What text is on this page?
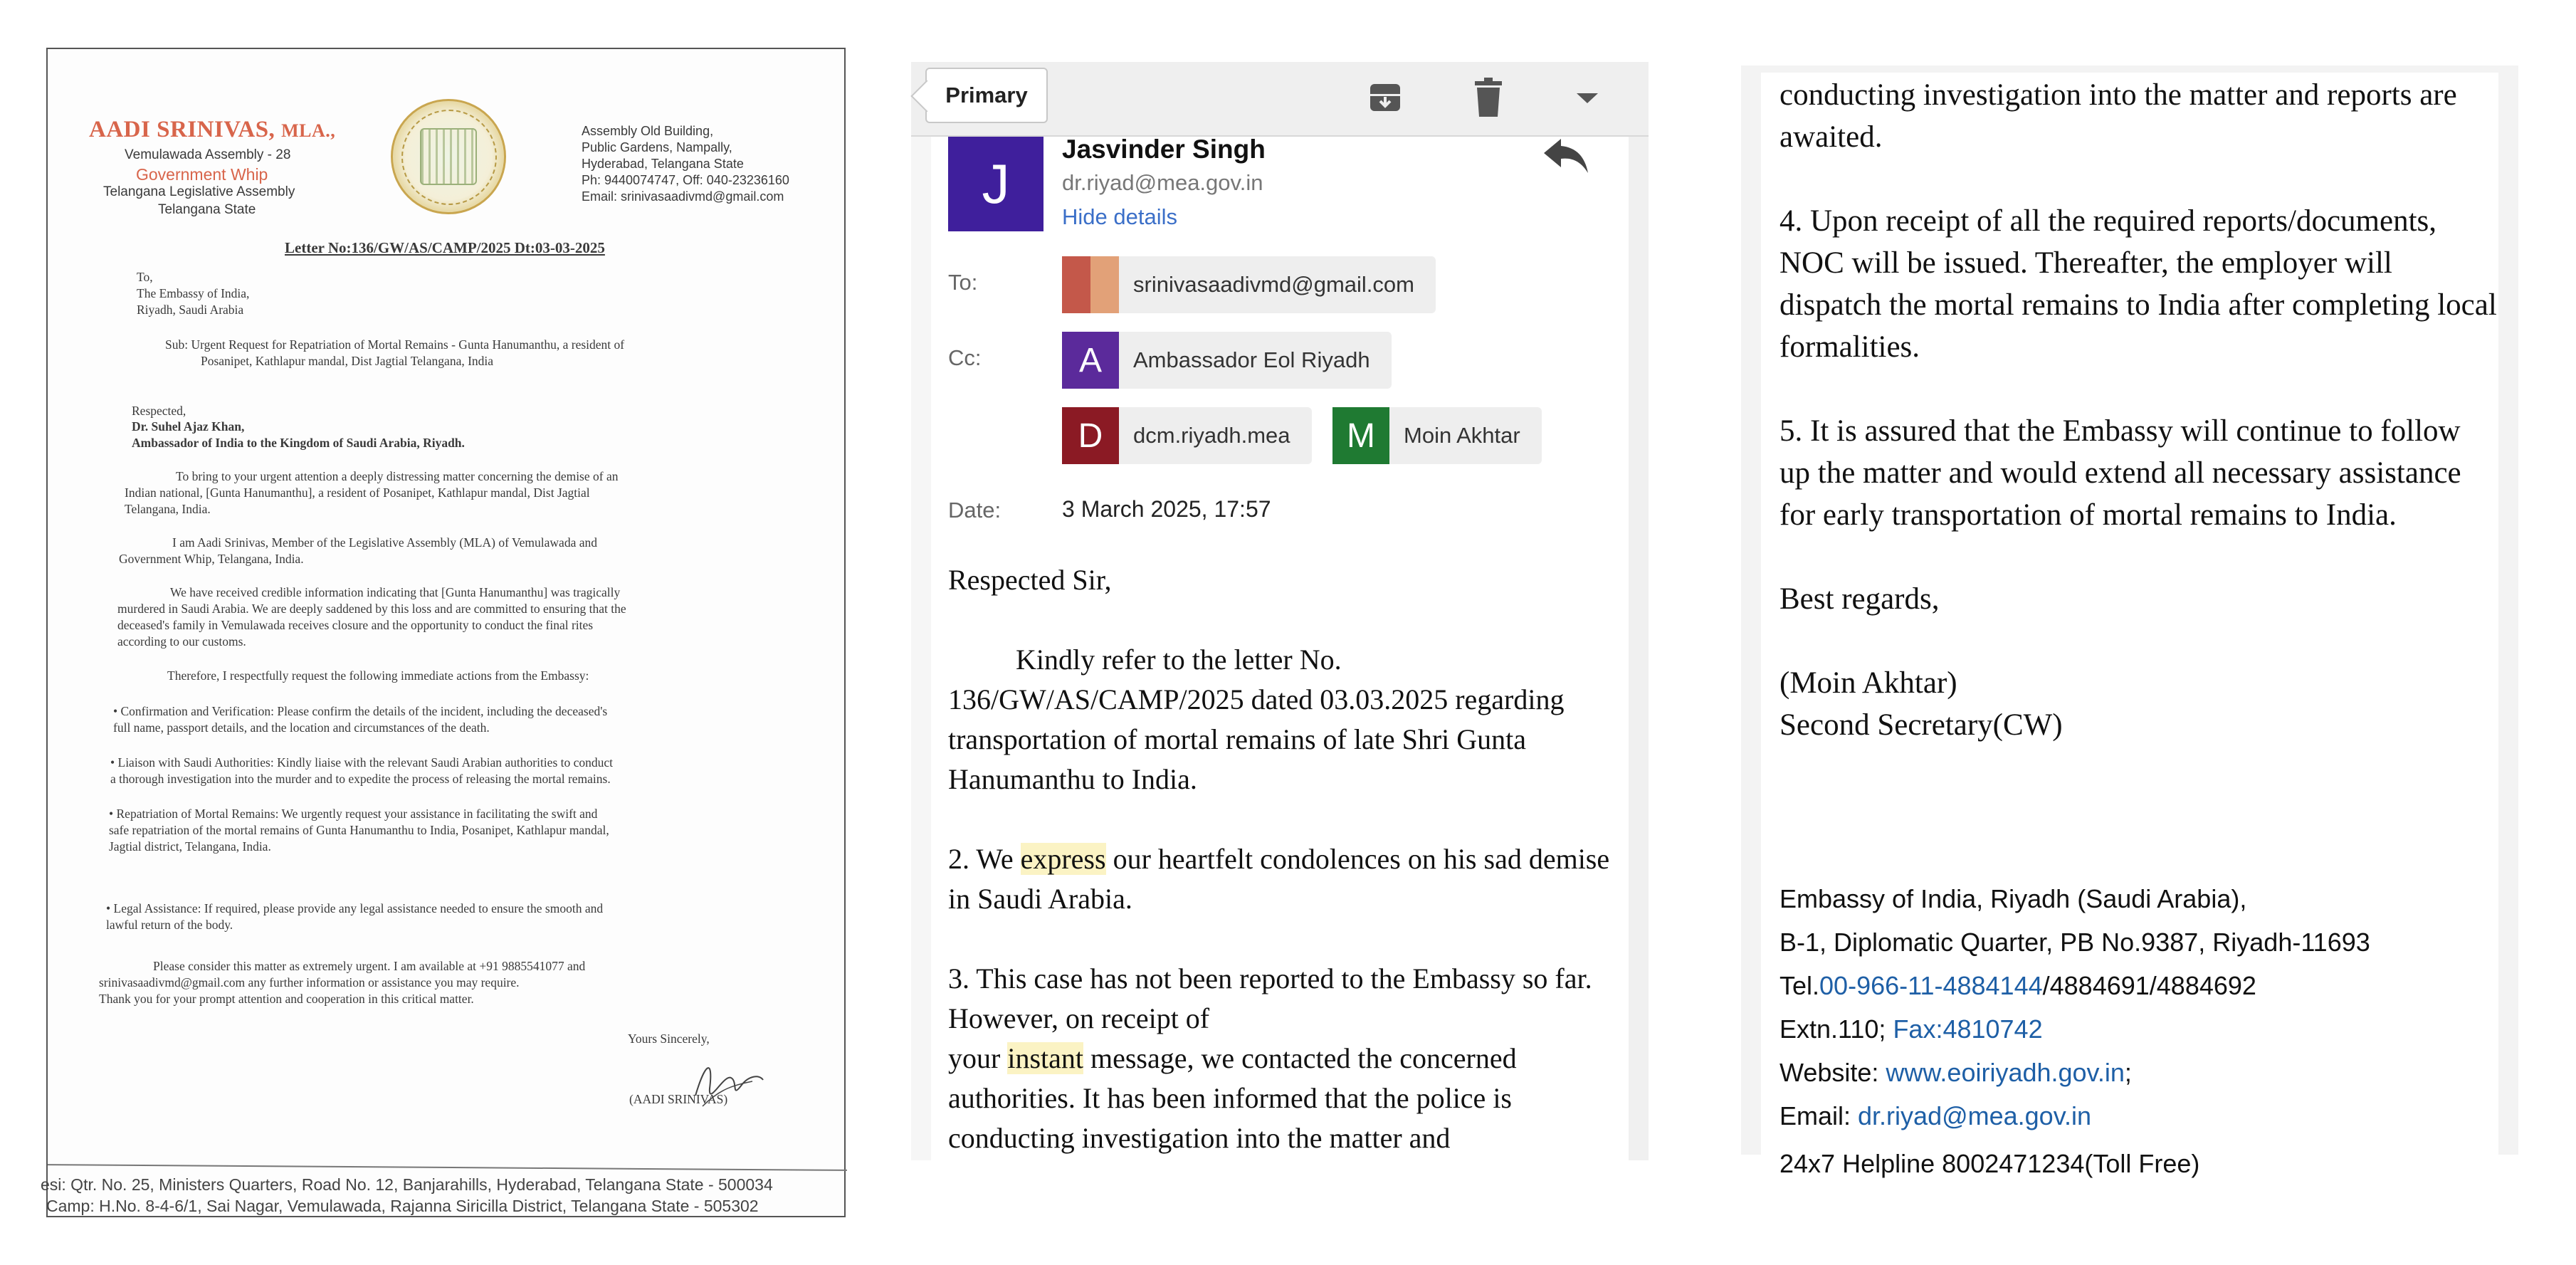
AADI SRINIVAS, MLA.,
Vemulawada Assembly - 28
Government Whip
Telangana Legislative Assembly
Telangana State
Assembly Old Building,
Public Gardens, Nampally,
Hyderabad, Telangana State
Ph: 9440074747, Off: 040-23236160
Email: srinivasaadivmd@gmail.com
Letter No:136/GW/AS/CAMP/2025 Dt:03-03-2025
To,
The Embassy of India,
Riyadh, Saudi Arabia
Sub: Urgent Request for Repatriation of Mortal Remains - Gunta Hanumanthu, a resident of
Posanipet, Kathlapur mandal, Dist Jagtial Telangana, India
Respected,
Dr. Suhel Ajaz Khan,
Ambassador of India to the Kingdom of Saudi Arabia, Riyadh.
To bring to your urgent attention a deeply distressing matter concerning the demise of an
Indian national, [Gunta Hanumanthu], a resident of Posanipet, Kathlapur mandal, Dist Jagtial
Telangana, India.
I am Aadi Srinivas, Member of the Legislative Assembly (MLA) of Vemulawada and
Government Whip, Telangana, India.
We have received credible information indicating that [Gunta Hanumanthu] was tragically
murdered in Saudi Arabia. We are deeply saddened by this loss and are committed to ensuring that the
deceased's family in Vemulawada receives closure and the opportunity to conduct the final rites
according to our customs.
Therefore, I respectfully request the following immediate actions from the Embassy:
• Confirmation and Verification: Please confirm the details of the incident, including the deceased's
full name, passport details, and the location and circumstances of the death.
• Liaison with Saudi Authorities: Kindly liaise with the relevant Saudi Arabian authorities to conduct
a thorough investigation into the murder and to expedite the process of releasing the mortal remains.
• Repatriation of Mortal Remains: We urgently request your assistance in facilitating the swift and
safe repatriation of the mortal remains of Gunta Hanumanthu to India, Posanipet, Kathlapur mandal,
Jagtial district, Telangana, India.
• Legal Assistance: If required, please provide any legal assistance needed to ensure the smooth and
lawful return of the body.
Please consider this matter as extremely urgent. I am available at +91 9885541077 and
srinivasaadivmd@gmail.com any further information or assistance you may require.
Thank you for your prompt attention and cooperation in this critical matter.
Yours Sincerely,
(AADI SRINIVAS)
esi: Qtr. No. 25, Ministers Quarters, Road No. 12, Banjarahills, Hyderabad, Telangana State - 500034
Camp: H.No. 8-4-6/1, Sai Nagar, Vemulawada, Rajanna Siricilla District, Telangana State - 505302
Primary
J
Jasvinder Singh
dr.riyad@mea.gov.in
Hide details
To:	srinivasaadivmd@gmail.com
Cc:	A	Ambassador Eol Riyadh
D	dcm.riyadh.mea	M	Moin Akhtar
Date:	3 March 2025, 17:57

Respected Sir,

Kindly refer to the letter No. 136/GW/AS/CAMP/2025 dated 03.03.2025 regarding transportation of mortal remains of late Shri Gunta Hanumanthu to India.

2. We express our heartfelt condolences on his sad demise in Saudi Arabia.

3. This case has not been reported to the Embassy so far. However, on receipt of
your instant message, we contacted the concerned authorities. It has been informed that the police is conducting investigation into the matter and

conducting investigation into the matter and reports are awaited.

4. Upon receipt of all the required reports/documents, NOC will be issued. Thereafter, the employer will dispatch the mortal remains to India after completing local formalities.

5. It is assured that the Embassy will continue to follow up the matter and would extend all necessary assistance for early transportation of mortal remains to India.

Best regards,

(Moin Akhtar)
Second Secretary(CW)
Embassy of India, Riyadh (Saudi Arabia),
B-1, Diplomatic Quarter, PB No.9387, Riyadh-11693
Tel.00-966-11-4884144/4884691/4884692
Extn.110; Fax:4810742
Website: www.eoiriyadh.gov.in;
Email: dr.riyad@mea.gov.in
24x7 Helpline 8002471234(Toll Free)
